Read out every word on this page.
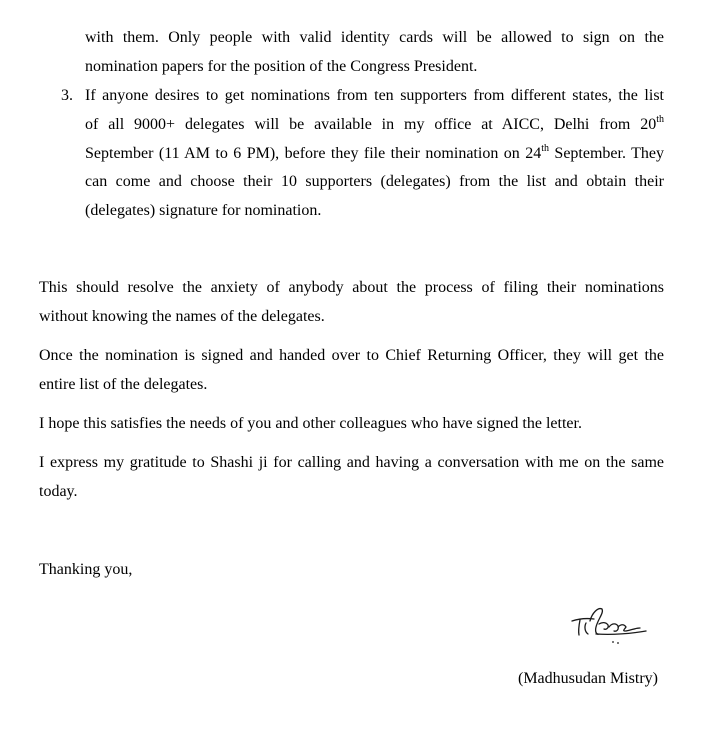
with them. Only people with valid identity cards will be allowed to sign on the
nomination papers for the position of the Congress President.
3. If anyone desires to get nominations from ten supporters from different states, the list
of all 9000+ delegates will be available in my office at AICC, Delhi from 20th
September (11 AM to 6 PM), before they file their nomination on 24th September. They
can come and choose their 10 supporters (delegates) from the list and obtain their
(delegates) signature for nomination.
This should resolve the anxiety of anybody about the process of filing their nominations
without knowing the names of the delegates.
Once the nomination is signed and handed over to Chief Returning Officer, they will get the
entire list of the delegates.
I hope this satisfies the needs of you and other colleagues who have signed the letter.
I express my gratitude to Shashi ji for calling and having a conversation with me on the same
today.
Thanking you,
(Madhusudan Mistry)
